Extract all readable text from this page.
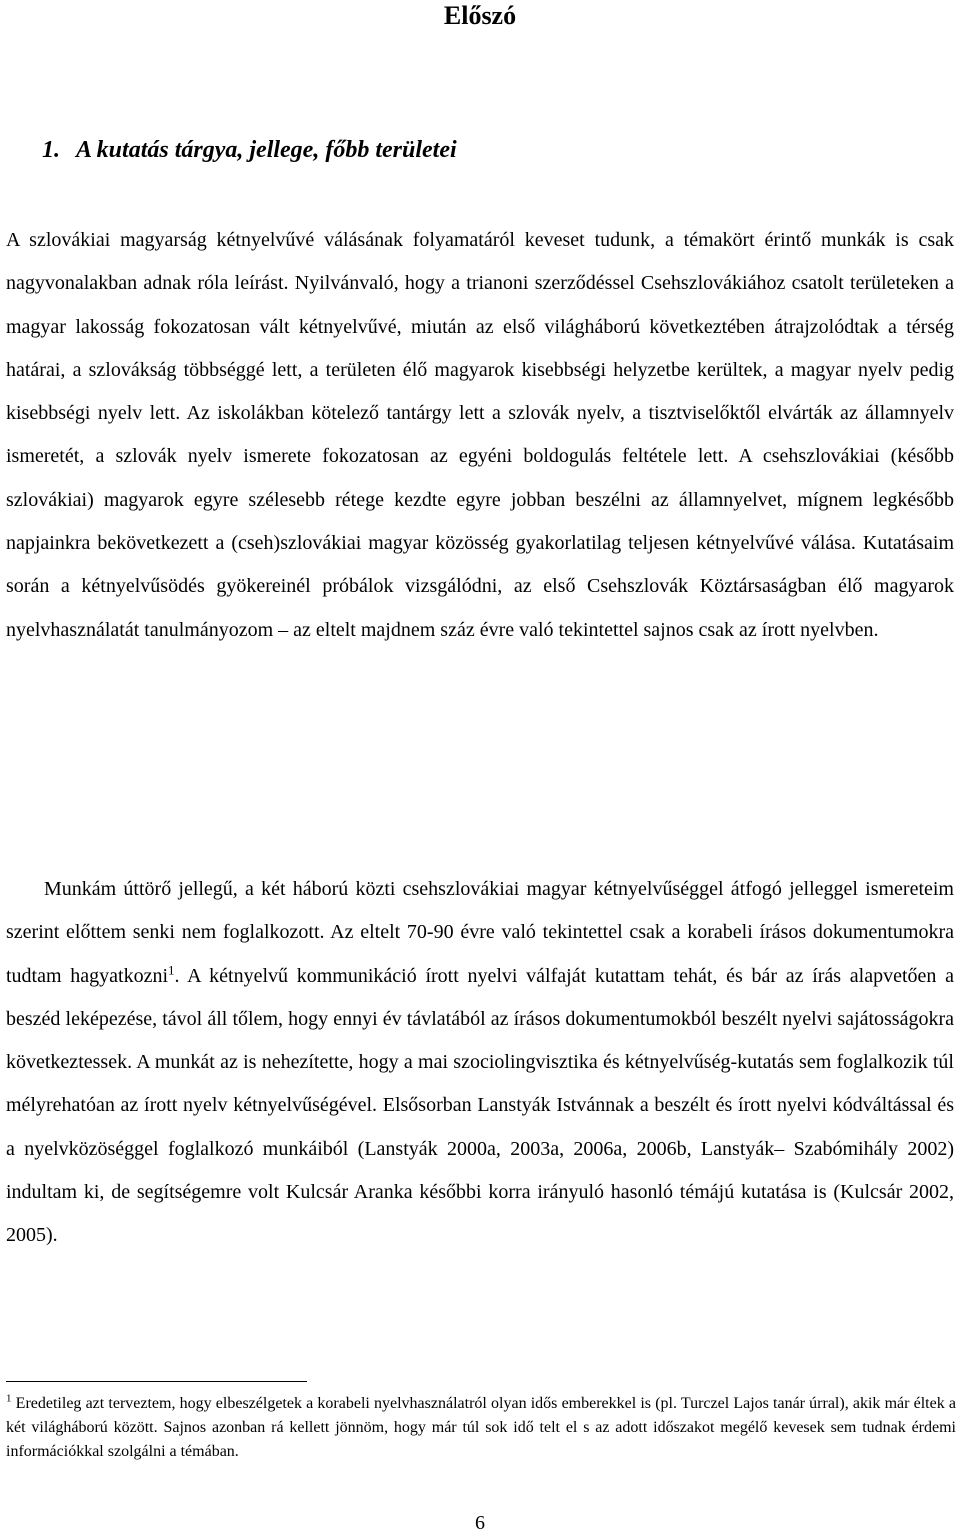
Előszó
1. A kutatás tárgya, jellege, főbb területei

A szlovákiai magyarság kétnyelvűvé válásának folyamatáról keveset tudunk, a témakört érintő munkák is csak nagyvonalakban adnak róla leírást. Nyilvánvaló, hogy a trianoni szerződéssel Csehszlovákiához csatolt területeken a magyar lakosság fokozatosan vált kétnyelvűvé, miután az első világháború következtében átrajzolódtak a térség határai, a szlovákság többséggé lett, a területen élő magyarok kisebbségi helyzetbe kerültek, a magyar nyelv pedig kisebbségi nyelv lett. Az iskolákban kötelező tantárgy lett a szlovák nyelv, a tisztviselőktől elvárták az államnyelv ismeretét, a szlovák nyelv ismerete fokozatosan az egyéni boldogulás feltétele lett. A csehszlovákiai (később szlovákiai) magyarok egyre szélesebb rétege kezdte egyre jobban beszélni az államnyelvet, mígnem legkésőbb napjainkra bekövetkezett a (cseh)szlovákiai magyar közösség gyakorlatilag teljesen kétnyelvűvé válása. Kutatásaim során a kétnyelvűsödés gyökereinél próbálok vizsgálódni, az első Csehszlovák Köztársaságban élő magyarok nyelvhasználatát tanulmányozom – az eltelt majdnem száz évre való tekintettel sajnos csak az írott nyelvben.

Munkám úttörő jellegű, a két háború közti csehszlovákiai magyar kétnyelvűséggel átfogó jelleggel ismereteim szerint előttem senki nem foglalkozott. Az eltelt 70-90 évre való tekintettel csak a korabeli írásos dokumentumokra tudtam hagyatkozni$^1$. A kétnyelvű kommunikáció írott nyelvi válfaját kutattam tehát, és bár az írás alapvetően a beszéd leképezése, távol áll tőlem, hogy ennyi év távlatából az írásos dokumentumokból beszélt nyelvi sajátosságokra következtessek. A munkát az is nehezítette, hogy a mai szociolingvisztika és kétnyelvűség-kutatás sem foglalkozik túl mélyrehatóan az írott nyelv kétnyelvűségével. Elsősorban Lanstyák Istvánnak a beszélt és írott nyelvi kódváltással és a nyelvközöséggel foglalkozó munkáiból (Lanstyák 2000a, 2003a, 2006a, 2006b, Lanstyák– Szabómihály 2002) indultam ki, de segítségemre volt Kulcsár Aranka későbbi korra irányuló hasonló témájú kutatása is (Kulcsár 2002, 2005).

$^1$ Eredetileg azt terveztem, hogy elbeszélgetek a korabeli nyelvhasználatról olyan idős emberekkel is (pl. Turczel Lajos tanár úrral), akik már éltek a két világháború között. Sajnos azonban rá kellett jönnöm, hogy már túl sok idő telt el s az adott időszakot megélő kevesek sem tudnak érdemi információkkal szolgálni a témában.

6
